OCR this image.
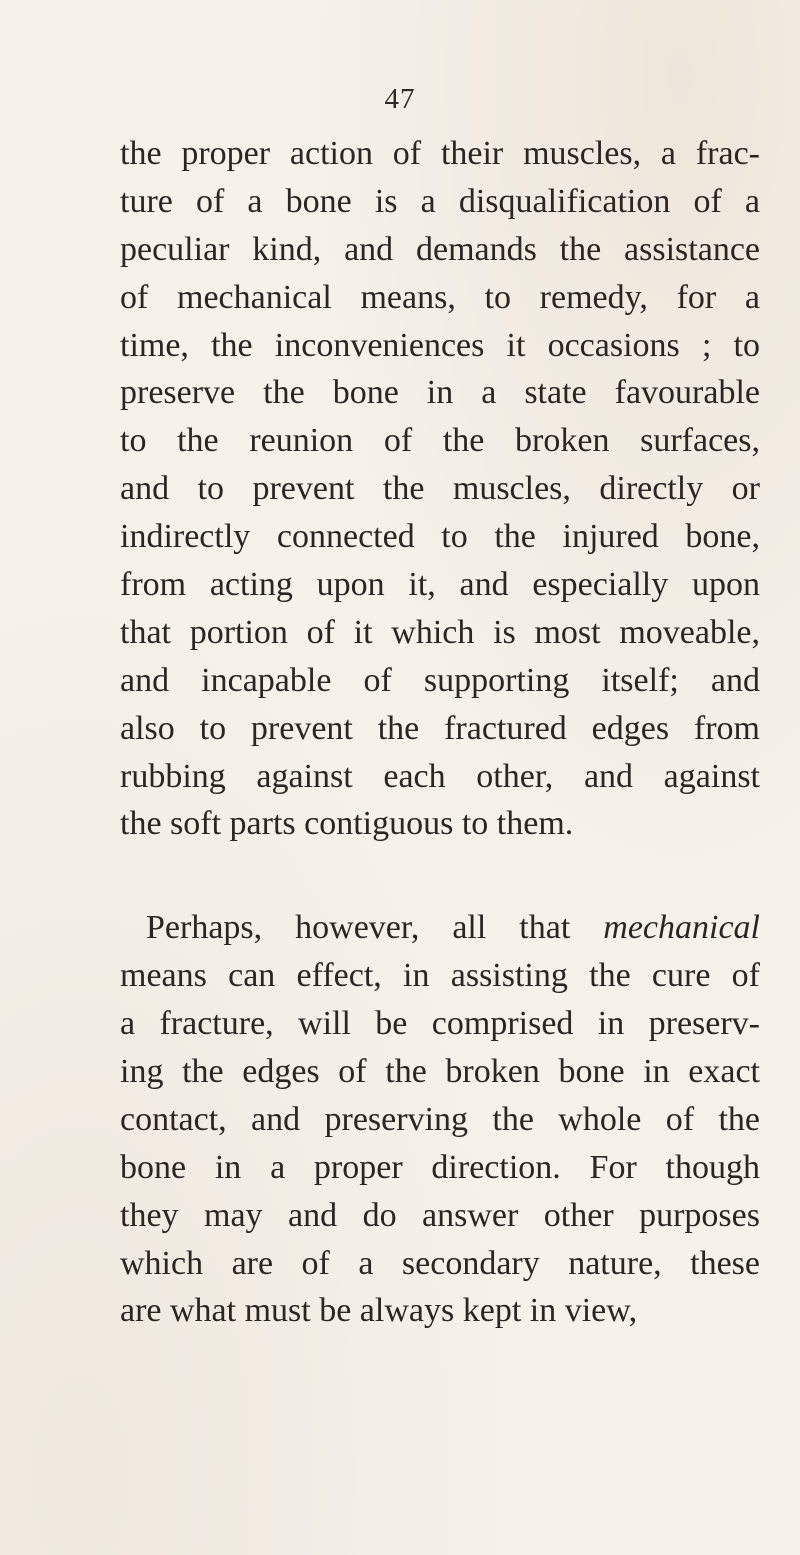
47
the proper action of their muscles, a frac-
ture of a bone is a disqualification of a
peculiar kind, and demands the assistance
of mechanical means, to remedy, for a
time, the inconveniences it occasions ; to
preserve the bone in a state favourable
to the reunion of the broken surfaces,
and to prevent the muscles, directly or
indirectly connected to the injured bone,
from acting upon it, and especially upon
that portion of it which is most moveable,
and incapable of supporting itself; and
also to prevent the fractured edges from
rubbing against each other, and against
the soft parts contiguous to them.
Perhaps, however, all that mechanical
means can effect, in assisting the cure of
a fracture, will be comprised in preserv-
ing the edges of the broken bone in exact
contact, and preserving the whole of the
bone in a proper direction. For though
they may and do answer other purposes
which are of a secondary nature, these
are what must be always kept in view,
